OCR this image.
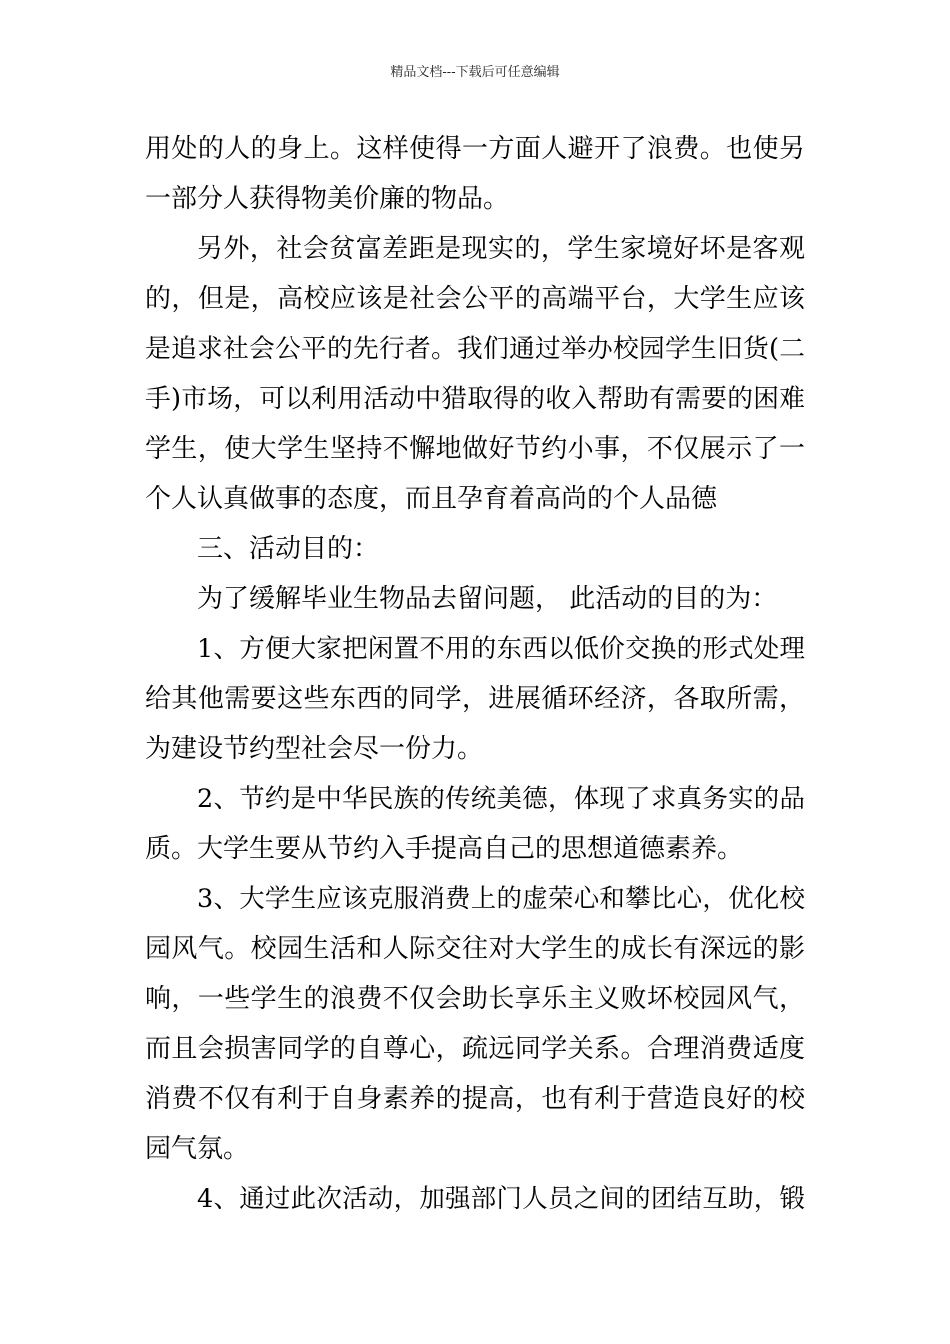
精品文档---下载后可任意编辑
用处的人的身上。这样使得一方面人避开了浪费。也使另
一部分人获得物美价廉的物品。
另外，社会贫富差距是现实的，学生家境好坏是客观
的，但是，高校应该是社会公平的高端平台，大学生应该
是追求社会公平的先行者。我们通过举办校园学生旧货(二
手)市场，可以利用活动中猎取得的收入帮助有需要的困难
学生，使大学生坚持不懈地做好节约小事，不仅展示了一
个人认真做事的态度，而且孕育着高尚的个人品德
三、活动目的：
为了缓解毕业生物品去留问题， 此活动的目的为：
1、方便大家把闲置不用的东西以低价交换的形式处理
给其他需要这些东西的同学，进展循环经济，各取所需，
为建设节约型社会尽一份力。
2、节约是中华民族的传统美德，体现了求真务实的品
质。大学生要从节约入手提高自己的思想道德素养。
3、大学生应该克服消费上的虚荣心和攀比心，优化校
园风气。校园生活和人际交往对大学生的成长有深远的影
响，一些学生的浪费不仅会助长享乐主义败坏校园风气，
而且会损害同学的自尊心，疏远同学关系。合理消费适度
消费不仅有利于自身素养的提高，也有利于营造良好的校
园气氛。
4、通过此次活动，加强部门人员之间的团结互助，锻
